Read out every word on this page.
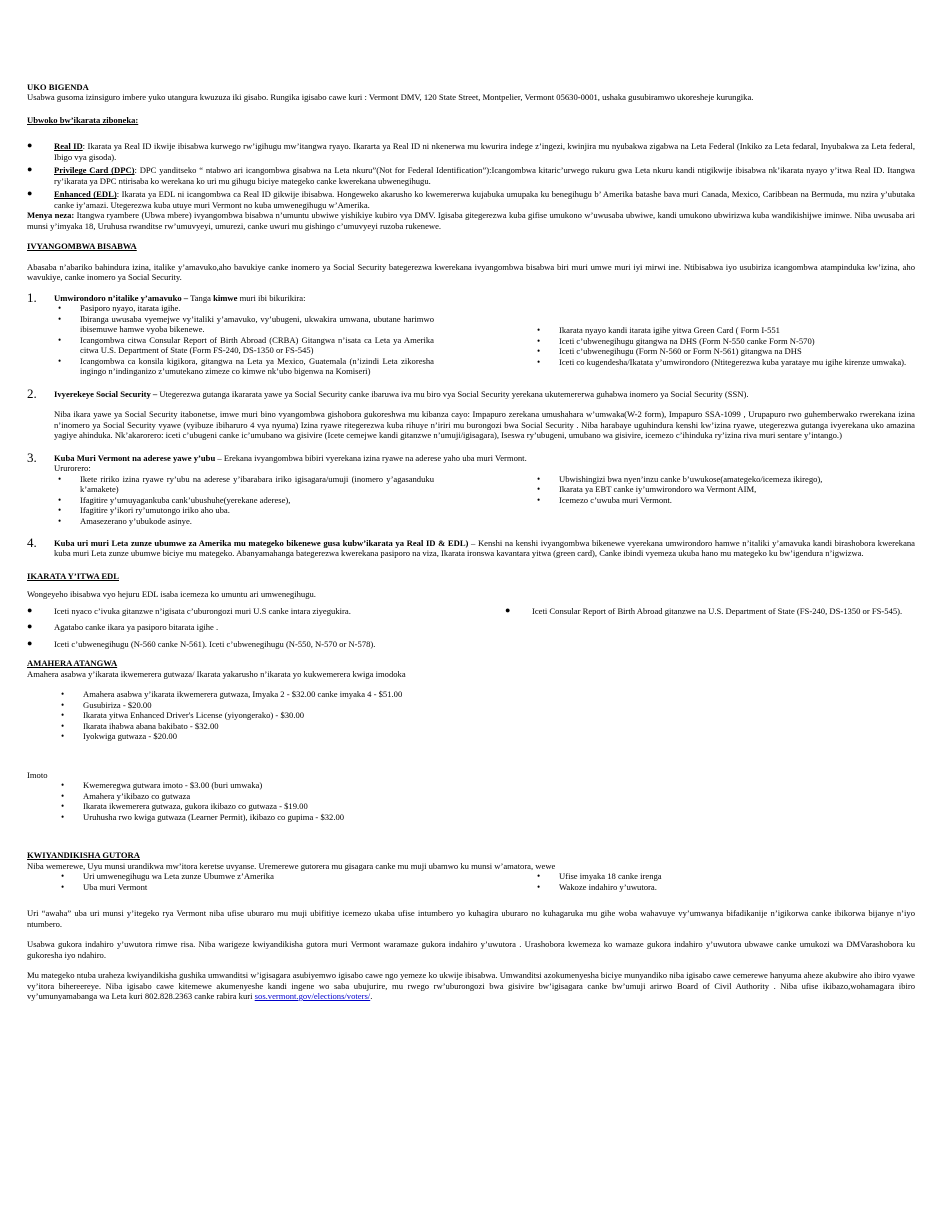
UKO BIGENDA

Usabwa gusoma izinsiguro imbere yuko utangura kwuzuza iki gisabo. Rungika igisabo cawe kuri : Vermont DMV, 120 State Street, Montpelier, Vermont 05630-0001, ushaka gusubiramwo ukoresheje kurungika.

Ubwoko bw’ikarata ziboneka:
● Real ID: Ikarata ya Real ID ikwije ibisabwa kurwego rw’igihugu mw’itangwa ryayo. Ikararta ya Real ID ni nkenerwa mu kwurira indege z’ingezi, kwinjira mu nyubakwa zigabwa na Leta Federal (Inkiko za Leta fedaral, Inyubakwa za Leta federal, Ibigo vya gisoda).
● Privilege Card (DPC): DPC yanditseko “ ntabwo ari icangombwa gisabwa na Leta nkuru”(Not for Federal Identification”):Icangombwa kitaric’urwego rukuru gwa Leta nkuru kandi ntigikwije ibisabwa nk’ikarata nyayo y’itwa Real ID. Itangwa ry’ikarata ya DPC ntirisaba ko werekana ko uri mu gihugu biciye mategeko canke kwerekana ubwenegihugu.
● Enhanced (EDL): Ikarata ya EDL ni icangombwa ca Real ID gikwije ibisabwa. Hongeweko akarusho ko kwemererwa kujabuka umupaka ku benegihugu b’ Amerika batashe bava muri Canada, Mexico, Caribbean na Bermuda, mu nzira y’ubutaka canke iy’amazi. Utegerezwa kuba utuye muri Vermont no kuba umwenegihugu w’Amerika.

Menya neza: Itangwa ryambere (Ubwa mbere) ivyangombwa bisabwa n’umuntu ubwiwe yishikiye kubiro vya DMV. Igisaba gitegerezwa kuba gifise umukono w’uwusaba ubwiwe, kandi umukono ubwirizwa kuba wandikishijwe iminwe. Niba uwusaba ari munsi y’imyaka 18, Uruhusa rwanditse rw’umuvyeyi, umurezi, canke uwuri mu gishingo c’umuvyeyi ruzoba rukenewe.

IVYANGOMBWA BISABWA

Abasaba n’abariko bahindura izina, italike y’amavuko,aho bavukiye canke inomero ya Social Security bategerezwa kwerekana ivyangombwa bisabwa biri muri umwe muri iyi mirwi ine. Ntibisabwa iyo usubiriza icangombwa atampinduka kw’izina, aho wavukiye, canke inomero ya Social Security.

1. Umwirondoro n’italike y’amavuko – Tanga kimwe muri ibi bikurikira:
• Pasiporo nyayo, itarata igihe.
• Ibiranga uwusaba vyemejwe vy’italiki y’amavuko, vy’ubugeni, ukwakira umwana, ubutane harimwo ibisemuwe hamwe vyoba bikenewe.
• Icangombwa citwa Consular Report of Birth Abroad (CRBA) Gitangwa n’isata ca Leta ya Amerika citwa U.S. Department of State (Form FS-240, DS-1350 or FS-545)
• Icangombwa ca konsila kigikora, gitangwa na Leta ya Mexico, Guatemala (n’izindi Leta zikoresha ingingo n’indinganizo z’umutekano zimeze co kimwe nk’ubo bigenwa na Komiseri)
• Ikarata nyayo kandi itarata igihe yitwa Green Card ( Form I-551
• Iceti c’ubwenegihugu gitangwa na DHS (Form N-550 canke Form N-570)
• Iceti c’ubwenegihugu (Form N-560 or Form N-561) gitangwa na DHS
• Iceti co kugendesha/Ikatata y’umwirondoro (Ntitegerezwa kuba yarataye mu igihe kirenze umwaka).
2. Ivyerekeye Social Security – Utegerezwa gutanga ikararata yawe ya Social Security canke ibaruwa iva mu biro vya Social Security yerekana ukutemererwa guhabwa inomero ya Social Security (SSN).

Niba ikara yawe ya Social Security itabonetse, imwe muri bino vyangombwa gishobora gukoreshwa mu kibanza cayo: Impapuro zerekana umushahara w’umwaka(W-2 form), Impapuro SSA-1099 , Urupapuro rwo guhemberwako rwerekana izina n’inomero ya Social Security vyawe (vyibuze ibiharuro 4 vya nyuma) Izina ryawe ritegerezwa kuba rihuye n’iriri mu burongozi bwa Social Security . Niba harabaye uguhindura kenshi kw’izina ryawe, utegerezwa gutanga ivyerekana uko amazina yagiye ahinduka. Nk’akarorero: iceti c’ubugeni canke ic’umubano wa gisivire (Icete cemejwe kandi gitanzwe n’umuji/igisagara), Iseswa ry’ubugeni, umubano wa gisivire, icemezo c’ihinduka ry’izina riva muri sentare y’intango.)

3. Kuba Muri Vermont na aderese yawe y’ubu – Erekana ivyangombwa bibiri vyerekana izina ryawe na aderese yaho uba muri Vermont.
Ururorero:
• Ikete ririko izina ryawe ry’ubu na aderese y’ibarabara iriko igisagara/umuji (inomero y’agasanduku k’amakete)
• Ifagitire y’umuyagankuba cank’ubushuhe(yerekane aderese),
• Ifagitire y’ikori ry’umutongo iriko aho uba.
• Amasezerano y’ubukode asinye.
• Ubwishingizi bwa nyen’inzu canke b’uwukose(amategeko/icemeza ikirego),
• Ikarata ya EBT canke iy’umwirondoro wa Vermont AIM,
• Icemezo c’uwuba muri Vermont.
4. Kuba uri muri Leta zunze ubumwe za Amerika mu mategeko bikenewe gusa kubw’ikarata ya Real ID & EDL) – Kenshi na kenshi ivyangombwa bikenewe vyerekana umwirondoro hamwe n’italiki y’amavuka kandi birashobora kwerekana kuba muri Leta zunze ubumwe biciye mu mategeko. Abanyamahanga bategerezwa kwerekana pasiporo na viza, Ikarata ironswa kavantara yitwa (green card), Canke ibindi vyemeza ukuba hano mu mategeko ku bw’igendura n’igwizwa.

IKARATA Y’ITWA EDL

Wongeyeho ibisabwa vyo hejuru EDL isaba icemeza ko umuntu ari umwenegihugu.

● Iceti nyaco c’ivuka gitanzwe n’igisata c’uburongozi muri U.S canke intara ziyegukira.
● Agatabo canke ikara ya pasiporo bitarata igihe .
● Iceti c’ubwenegihugu (N-560 canke N-561). Iceti c’ubwenegihugu (N-550, N-570 or N-578).
● Iceti Consular Report of Birth Abroad gitanzwe na U.S. Department of State (FS-240, DS-1350 or FS-545).
AMAHERA ATANGWA

Amahera asabwa y’ikarata ikwemerera gutwaza/ Ikarata yakarusho n’ikarata yo kukwemerera kwiga imodoka

• Amahera asabwa y’ikarata ikwemerera gutwaza, Imyaka 2 - $32.00 canke imyaka 4 - $51.00
• Gusubiriza - $20.00
• Ikarata yitwa Enhanced Driver's License (yiyongerako) - $30.00
• Ikarata ihabwa abana bakibato - $32.00
• Iyokwiga gutwaza - $20.00
Imoto
• Kwemeregwa gutwara imoto - $3.00 (buri umwaka)
• Amahera y’ikibazo co gutwaza
• Ikarata ikwemerera gutwaza, gukora ikibazo co gutwaza - $19.00
• Uruhusha rwo kwiga gutwaza (Learner Permit), ikibazo co gupima - $32.00
KWIYANDIKISHA GUTORA

Niba wemerewe, Uyu munsi urandikwa mw’itora keretse uvyanse. Uremerewe gutorera mu gisagara canke mu muji ubamwo ku munsi w’amatora, wewe

• Uri umwenegihugu wa Leta zunze Ubumwe z’Amerika
• Uba muri Vermont
• Ufise imyaka 18 canke irenga
• Wakoze indahiro y’uwutora.

Uri “awaha” uba uri munsi y’itegeko rya Vermont niba ufise uburaro mu muji ubifitiye icemezo ukaba ufise intumbero yo kuhagira uburaro no kuhagaruka mu gihe woba wahavuye vy’umwanya bifadikanije n’igikorwa canke ibikorwa bijanye n’iyo ntumbero.

Usabwa gukora indahiro y’uwutora rimwe risa. Niba warigeze kwiyandikisha gutora muri Vermont waramaze gukora indahiro y’uwutora . Urashobora kwemeza ko wamaze gukora indahiro y’uwutora ubwawe canke umukozi wa DMVarashobora ku gukoresha iyo ndahiro.

Mu mategeko ntuba uraheza kwiyandikisha gushika umwanditsi w’igisagara asubiyemwo igisabo cawe ngo yemeze ko ukwije ibisabwa. Umwanditsi azokumenyesha biciye munyandiko niba igisabo cawe cemerewe hanyuma aheze akubwire aho ibiro vyawe vy’itora bihereereye. Niba igisabo cawe kitemewe akumenyeshe kandi ingene wo saba ubujurire, mu rwego rw’uburongozi bwa gisivire bw’igisagara canke bw’umuji arirwo Board of Civil Authority . Niba ufise ikibazo,wohamagara ibiro vy’umunyamabanga wa Leta kuri 802.828.2363 canke rabira kuri sos.vermont.gov/elections/voters/.
